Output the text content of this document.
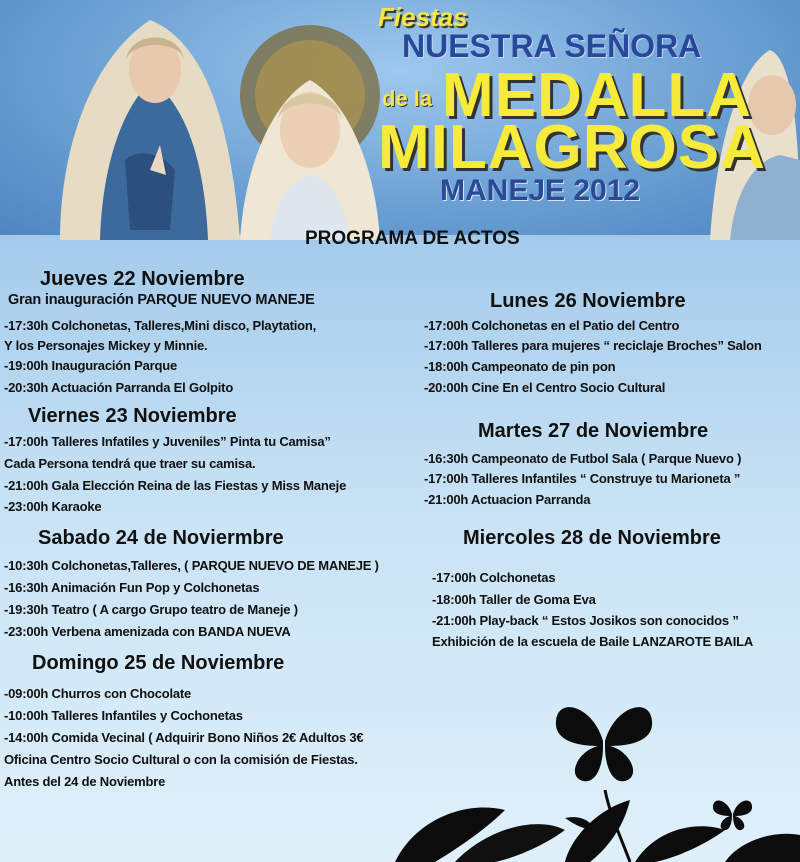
Fiestas
NUESTRA SEÑORA
MEDALLA
de la
MILAGROSA
MANEJE 2012
PROGRAMA DE ACTOS
Jueves 22 Noviembre
Gran inauguración PARQUE NUEVO MANEJE
-17:30h Colchonetas, Talleres,Mini disco, Playtation,
Y los Personajes Mickey y Minnie.
-19:00h Inauguración Parque
-20:30h Actuación Parranda El Golpito
Viernes 23 Noviembre
-17:00h Talleres Infatiles y Juveniles” Pinta tu Camisa”
Cada Persona tendrá que traer su camisa.
-21:00h Gala Elección Reina de las Fiestas y Miss Maneje
-23:00h Karaoke
Sabado 24 de Noviermbre
-10:30h Colchonetas,Talleres, ( PARQUE NUEVO DE MANEJE )
-16:30h Animación Fun Pop y Colchonetas
-19:30h Teatro ( A cargo Grupo teatro de Maneje )
-23:00h Verbena amenizada con BANDA NUEVA
Domingo 25 de Noviembre
-09:00h Churros con Chocolate
-10:00h Talleres Infantiles y Cochonetas
-14:00h Comida Vecinal ( Adquirir Bono Niños 2€ Adultos 3€
Oficina Centro Socio Cultural o con la comisión de Fiestas.
Antes del 24 de Noviembre
Lunes 26 Noviembre
-17:00h Colchonetas en el Patio del Centro
-17:00h Talleres para mujeres “ reciclaje Broches” Salon
-18:00h Campeonato de pin pon
-20:00h Cine En el Centro Socio Cultural
Martes 27 de Noviembre
-16:30h Campeonato de Futbol Sala ( Parque Nuevo )
-17:00h Talleres Infantiles “ Construye tu Marioneta ”
-21:00h Actuacion Parranda
Miercoles 28 de Noviembre
-17:00h Colchonetas
-18:00h Taller de Goma Eva
-21:00h Play-back “ Estos Josikos son conocidos ”
Exhibición de la escuela de Baile LANZAROTE BAILA
